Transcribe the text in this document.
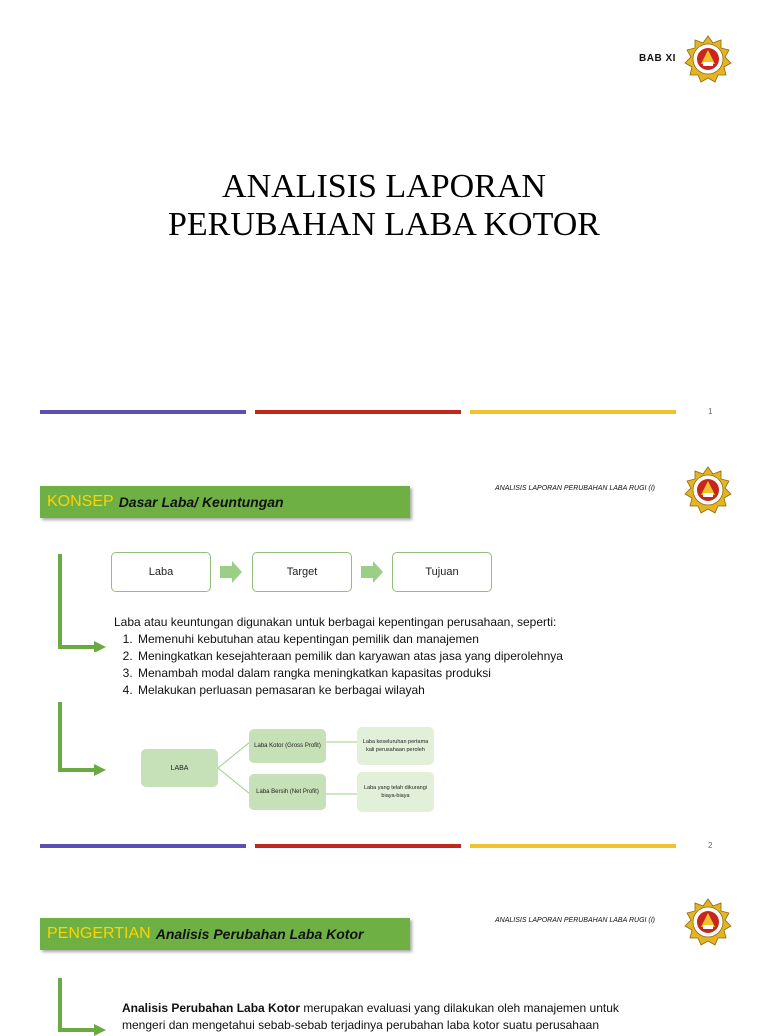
BAB XI
ANALISIS LAPORAN
PERUBAHAN LABA KOTOR
1
ANALISIS LAPORAN PERUBAHAN LABA RUGI (I)
KONSEP Dasar Laba/ Keuntungan
Laba	Target	Tujuan
Laba atau keuntungan digunakan untuk berbagai kepentingan perusahaan, seperti:
1. Memenuhi kebutuhan atau kepentingan pemilik dan manajemen
2. Meningkatkan kesejahteraan pemilik dan karyawan atas jasa yang diperolehnya
3. Menambah modal dalam rangka meningkatkan kapasitas produksi
4. Melakukan perluasan pemasaran ke berbagai wilayah
LABA
Laba Kotor (Gross Profit)
Laba Bersih (Net Profit)
Laba keseluruhan pertama kali perusahaan peroleh
Laba yang telah dikurangi biaya-biaya
2
ANALISIS LAPORAN PERUBAHAN LABA RUGI (I)
PENGERTIAN Analisis Perubahan Laba Kotor
Analisis Perubahan Laba Kotor merupakan evaluasi yang dilakukan oleh manajemen untuk mengeri dan mengetahui sebab-sebab terjadinya perubahan laba kotor suatu perusahaan
